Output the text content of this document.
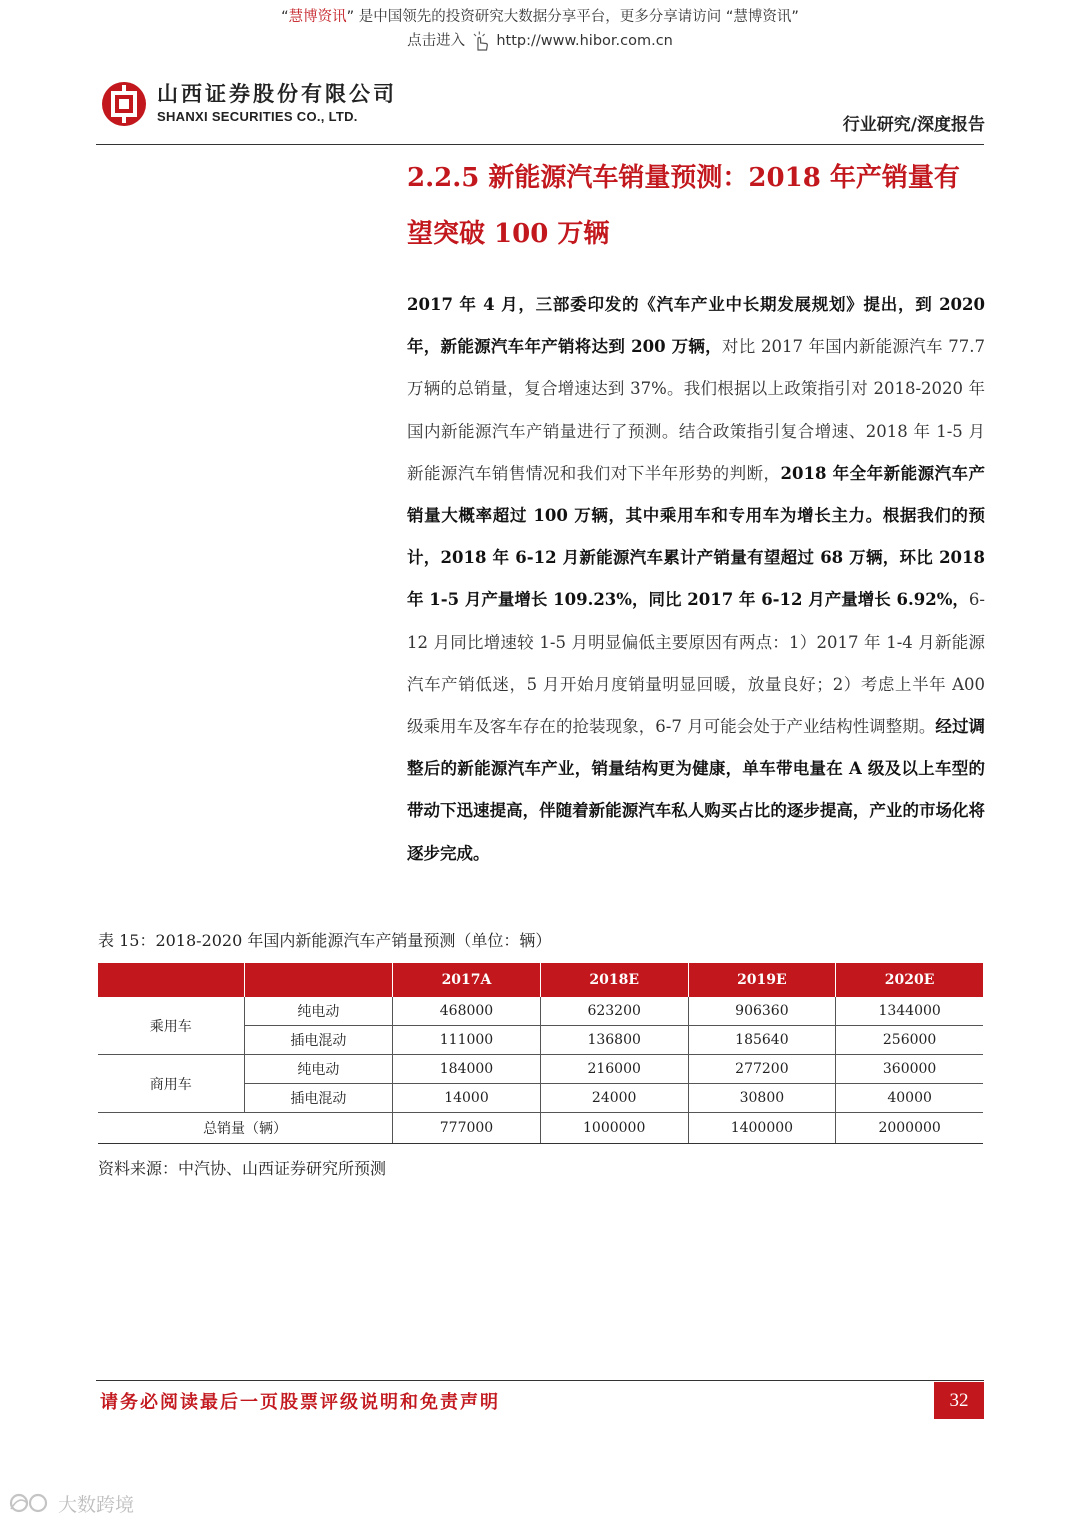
“慧博资讯” 是中国领先的投资研究大数据分享平台，更多分享请访问 “慧博资讯”
点击进入 http://www.hibor.com.cn
山西证券股份有限公司
SHANXI SECURITIES CO., LTD.	行业研究/深度报告
2.2.5 新能源汽车销量预测：2018 年产销量有望突破 100 万辆
2017 年 4 月，三部委印发的《汽车产业中长期发展规划》提出，到 2020 年，新能源汽车年产销将达到 200 万辆，对比 2017 年国内新能源汽车 77.7 万辆的总销量，复合增速达到 37%。我们根据以上政策指引对 2018-2020 年国内新能源汽车产销量进行了预测。结合政策指引复合增速、2018 年 1-5 月新能源汽车销售情况和我们对下半年形势的判断，2018 年全年新能源汽车产销量大概率超过 100 万辆，其中乘用车和专用车为增长主力。根据我们的预计，2018 年 6-12 月新能源汽车累计产销量有望超过 68 万辆，环比 2018 年 1-5 月产量增长 109.23%，同比 2017 年 6-12 月产量增长 6.92%，6-12 月同比增速较 1-5 月明显偏低主要原因有两点：1）2017 年 1-4 月新能源汽车产销低迷，5 月开始月度销量明显回暖，放量良好；2）考虑上半年 A00 级乘用车及客车存在的抢装现象，6-7 月可能会处于产业结构性调整期。经过调整后的新能源汽车产业，销量结构更为健康，单车带电量在 A 级及以上车型的带动下迅速提高，伴随着新能源汽车私人购买占比的逐步提高，产业的市场化将逐步完成。
表 15：2018-2020 年国内新能源汽车产销量预测（单位：辆）
		2017A	2018E	2019E	2020E
乘用车	纯电动	468000	623200	906360	1344000
	插电混动	111000	136800	185640	256000
商用车	纯电动	184000	216000	277200	360000
	插电混动	14000	24000	30800	40000
总销量（辆）		777000	1000000	1400000	2000000
资料来源：中汽协、山西证券研究所预测
请务必阅读最后一页股票评级说明和免责声明	32
大数跨境
